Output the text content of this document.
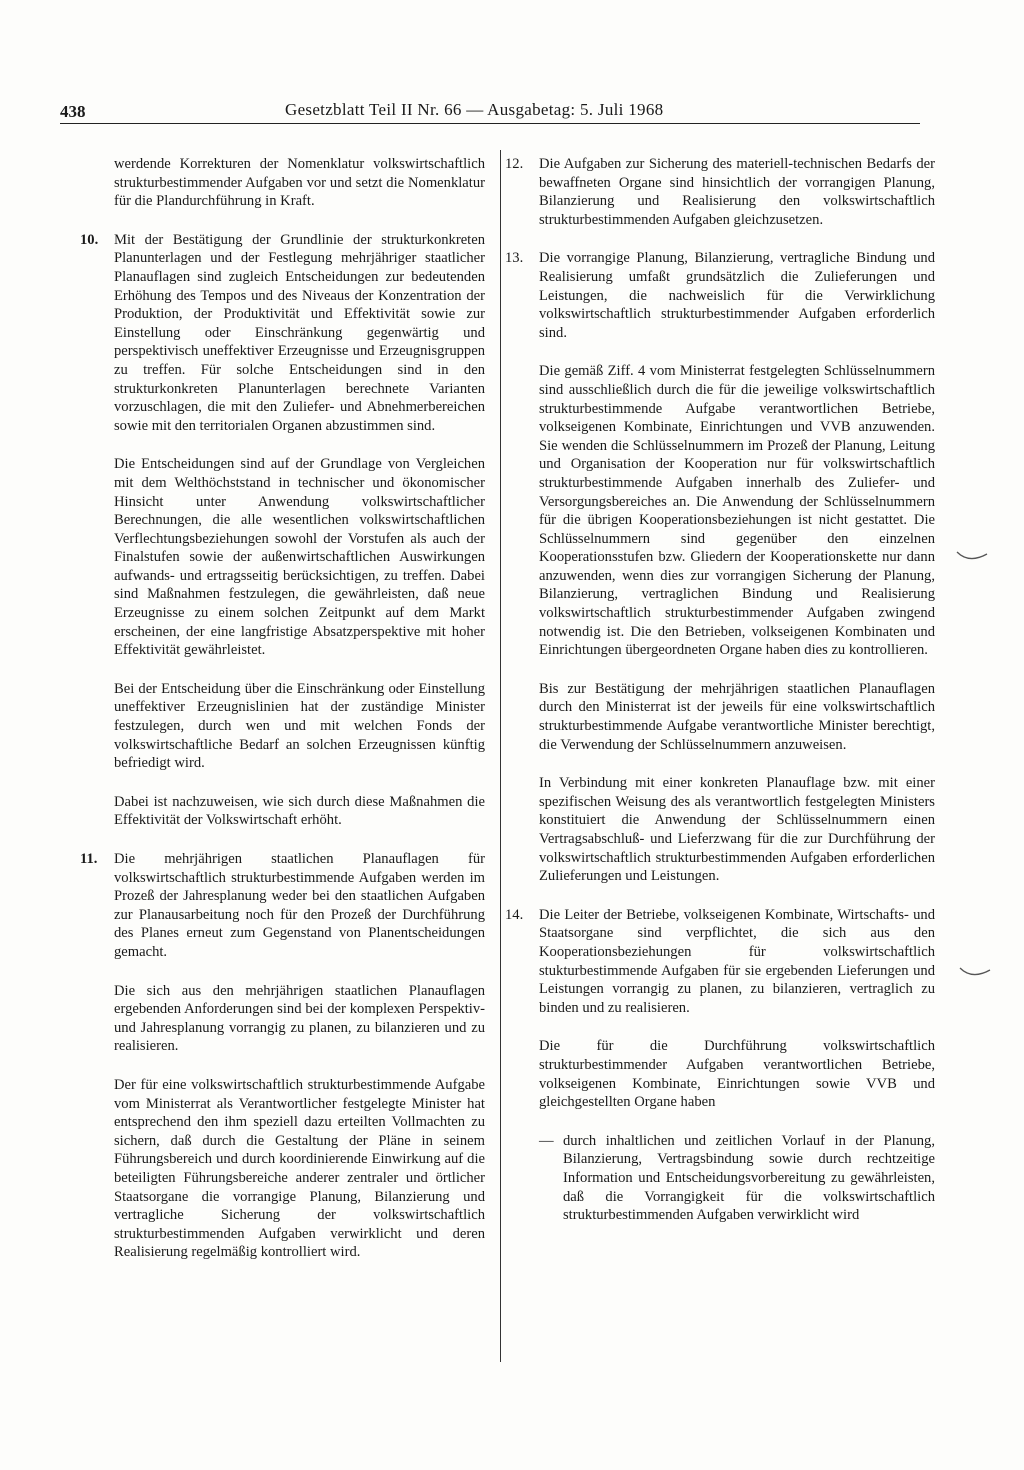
438	Gesetzblatt Teil II Nr. 66 — Ausgabetag: 5. Juli 1968

werdende Korrekturen der Nomenklatur volkswirtschaftlich strukturbestimmender Aufgaben vor und setzt die Nomenklatur für die Plandurchführung in Kraft.

10. Mit der Bestätigung der Grundlinie der strukturkonkreten Planunterlagen und der Festlegung mehrjähriger staatlicher Planauflagen sind zugleich Entscheidungen zur bedeutenden Erhöhung des Tempos und des Niveaus der Konzentration der Produktion, der Produktivität und Effektivität sowie zur Einstellung oder Einschränkung gegenwärtig und perspektivisch uneffektiver Erzeugnisse und Erzeugnisgruppen zu treffen. Für solche Entscheidungen sind in den strukturkonkreten Planunterlagen berechnete Varianten vorzuschlagen, die mit den Zuliefer- und Abnehmerbereichen sowie mit den territorialen Organen abzustimmen sind.

Die Entscheidungen sind auf der Grundlage von Vergleichen mit dem Welthöchststand in technischer und ökonomischer Hinsicht unter Anwendung volkswirtschaftlicher Berechnungen, die alle wesentlichen volkswirtschaftlichen Verflechtungsbeziehungen sowohl der Vorstufen als auch der Finalstufen sowie der außenwirtschaftlichen Auswirkungen aufwands- und ertragsseitig berücksichtigen, zu treffen. Dabei sind Maßnahmen festzulegen, die gewährleisten, daß neue Erzeugnisse zu einem solchen Zeitpunkt auf dem Markt erscheinen, der eine langfristige Absatzperspektive mit hoher Effektivität gewährleistet.

Bei der Entscheidung über die Einschränkung oder Einstellung uneffektiver Erzeugnislinien hat der zuständige Minister festzulegen, durch wen und mit welchen Fonds der volkswirtschaftliche Bedarf an solchen Erzeugnissen künftig befriedigt wird.

Dabei ist nachzuweisen, wie sich durch diese Maßnahmen die Effektivität der Volkswirtschaft erhöht.

11. Die mehrjährigen staatlichen Planauflagen für volkswirtschaftlich strukturbestimmende Aufgaben werden im Prozeß der Jahresplanung weder bei den staatlichen Aufgaben zur Planausarbeitung noch für den Prozeß der Durchführung des Planes erneut zum Gegenstand von Planentscheidungen gemacht.

Die sich aus den mehrjährigen staatlichen Planauflagen ergebenden Anforderungen sind bei der komplexen Perspektiv- und Jahresplanung vorrangig zu planen, zu bilanzieren und zu realisieren.

Der für eine volkswirtschaftlich strukturbestimmende Aufgabe vom Ministerrat als Verantwortlicher festgelegte Minister hat entsprechend den ihm speziell dazu erteilten Vollmachten zu sichern, daß durch die Gestaltung der Pläne in seinem Führungsbereich und durch koordinierende Einwirkung auf die beteiligten Führungsbereiche anderer zentraler und örtlicher Staatsorgane die vorrangige Planung, Bilanzierung und vertragliche Sicherung der volkswirtschaftlich strukturbestimmenden Aufgaben verwirklicht und deren Realisierung regelmäßig kontrolliert wird.

12. Die Aufgaben zur Sicherung des materiell-technischen Bedarfs der bewaffneten Organe sind hinsichtlich der vorrangigen Planung, Bilanzierung und Realisierung den volkswirtschaftlich strukturbestimmenden Aufgaben gleichzusetzen.

13. Die vorrangige Planung, Bilanzierung, vertragliche Bindung und Realisierung umfaßt grundsätzlich die Zulieferungen und Leistungen, die nachweislich für die Verwirklichung volkswirtschaftlich strukturbestimmender Aufgaben erforderlich sind.

Die gemäß Ziff. 4 vom Ministerrat festgelegten Schlüsselnummern sind ausschließlich durch die für die jeweilige volkswirtschaftlich strukturbestimmende Aufgabe verantwortlichen Betriebe, volkseigenen Kombinate, Einrichtungen und VVB anzuwenden. Sie wenden die Schlüsselnummern im Prozeß der Planung, Leitung und Organisation der Kooperation nur für volkswirtschaftlich strukturbestimmende Aufgaben innerhalb des Zuliefer- und Versorgungsbereiches an. Die Anwendung der Schlüsselnummern für die übrigen Kooperationsbeziehungen ist nicht gestattet. Die Schlüsselnummern sind gegenüber den einzelnen Kooperationsstufen bzw. Gliedern der Kooperationskette nur dann anzuwenden, wenn dies zur vorrangigen Sicherung der Planung, Bilanzierung, vertraglichen Bindung und Realisierung volkswirtschaftlich strukturbestimmender Aufgaben zwingend notwendig ist. Die den Betrieben, volkseigenen Kombinaten und Einrichtungen übergeordneten Organe haben dies zu kontrollieren.

Bis zur Bestätigung der mehrjährigen staatlichen Planauflagen durch den Ministerrat ist der jeweils für eine volkswirtschaftlich strukturbestimmende Aufgabe verantwortliche Minister berechtigt, die Verwendung der Schlüsselnummern anzuweisen.

In Verbindung mit einer konkreten Planauflage bzw. mit einer spezifischen Weisung des als verantwortlich festgelegten Ministers konstituiert die Anwendung der Schlüsselnummern einen Vertragsabschluß- und Lieferzwang für die zur Durchführung der volkswirtschaftlich strukturbestimmenden Aufgaben erforderlichen Zulieferungen und Leistungen.

14. Die Leiter der Betriebe, volkseigenen Kombinate, Wirtschafts- und Staatsorgane sind verpflichtet, die sich aus den Kooperationsbeziehungen für volkswirtschaftlich stukturbestimmende Aufgaben für sie ergebenden Lieferungen und Leistungen vorrangig zu planen, zu bilanzieren, vertraglich zu binden und zu realisieren.

Die für die Durchführung volkswirtschaftlich strukturbestimmender Aufgaben verantwortlichen Betriebe, volkseigenen Kombinate, Einrichtungen sowie VVB und gleichgestellten Organe haben

— durch inhaltlichen und zeitlichen Vorlauf in der Planung, Bilanzierung, Vertragsbindung sowie durch rechtzeitige Information und Entscheidungsvorbereitung zu gewährleisten, daß die Vorrangigkeit für die volkswirtschaftlich strukturbestimmenden Aufgaben verwirklicht wird
